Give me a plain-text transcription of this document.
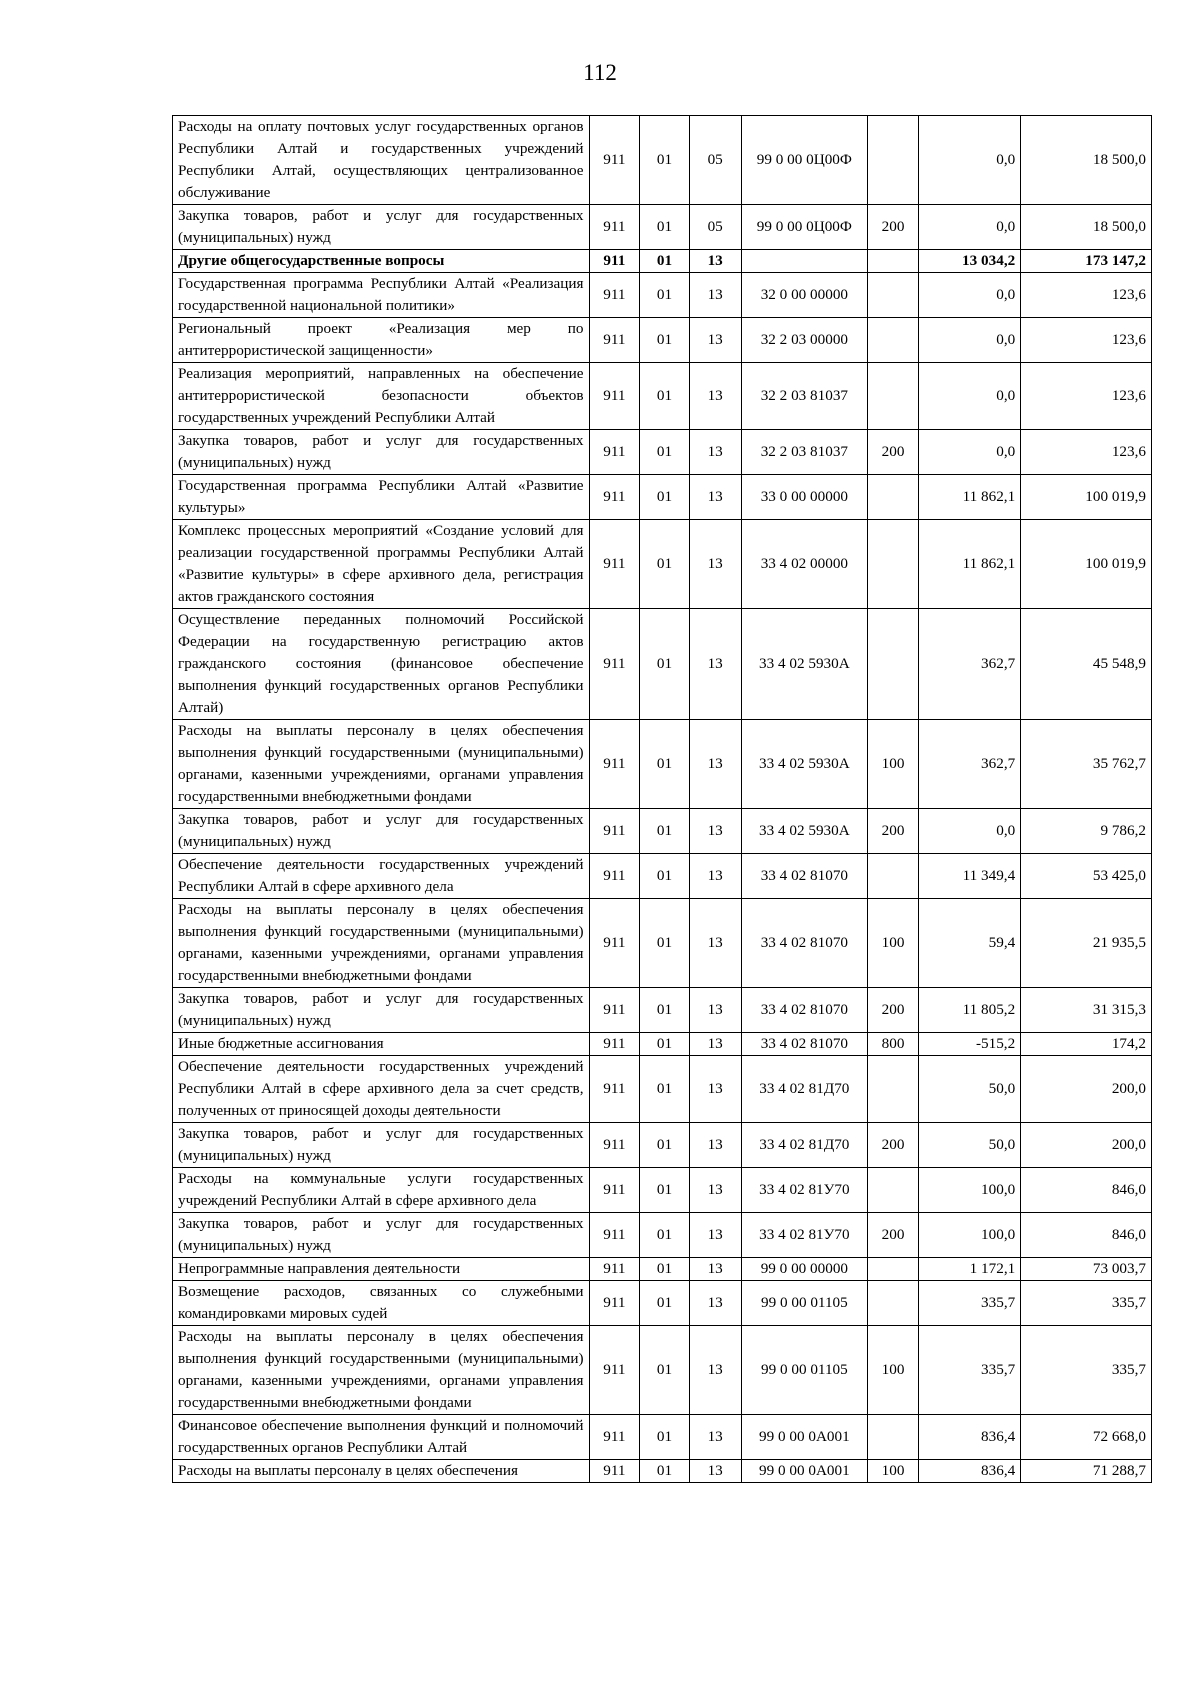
112
Расходы на оплату почтовых услуг государственных органов Республики Алтай и государственных учреждений Республики Алтай, осуществляющих централизованное обслуживание	911	01	05	99 0 00 0Ц00Ф		0,0	18 500,0
Закупка товаров, работ и услуг для государственных (муниципальных) нужд	911	01	05	99 0 00 0Ц00Ф	200	0,0	18 500,0
Другие общегосударственные вопросы	911	01	13			13 034,2	173 147,2
Государственная программа Республики Алтай «Реализация государственной национальной политики»	911	01	13	32 0 00 00000		0,0	123,6
Региональный проект «Реализация мер по антитеррористической защищенности»	911	01	13	32 2 03 00000		0,0	123,6
Реализация мероприятий, направленных на обеспечение антитеррористической безопасности объектов государственных учреждений Республики Алтай	911	01	13	32 2 03 81037		0,0	123,6
Закупка товаров, работ и услуг для государственных (муниципальных) нужд	911	01	13	32 2 03 81037	200	0,0	123,6
Государственная программа Республики Алтай «Развитие культуры»	911	01	13	33 0 00 00000		11 862,1	100 019,9
Комплекс процессных мероприятий «Создание условий для реализации государственной программы Республики Алтай «Развитие культуры» в сфере архивного дела, регистрация актов гражданского состояния	911	01	13	33 4 02 00000		11 862,1	100 019,9
Осуществление переданных полномочий Российской Федерации на государственную регистрацию актов гражданского состояния (финансовое обеспечение выполнения функций государственных органов Республики Алтай)	911	01	13	33 4 02 5930А		362,7	45 548,9
Расходы на выплаты персоналу в целях обеспечения выполнения функций государственными (муниципальными) органами, казенными учреждениями, органами управления государственными внебюджетными фондами	911	01	13	33 4 02 5930А	100	362,7	35 762,7
Закупка товаров, работ и услуг для государственных (муниципальных) нужд	911	01	13	33 4 02 5930А	200	0,0	9 786,2
Обеспечение деятельности государственных учреждений Республики Алтай в сфере архивного дела	911	01	13	33 4 02 81070		11 349,4	53 425,0
Расходы на выплаты персоналу в целях обеспечения выполнения функций государственными (муниципальными) органами, казенными учреждениями, органами управления государственными внебюджетными фондами	911	01	13	33 4 02 81070	100	59,4	21 935,5
Закупка товаров, работ и услуг для государственных (муниципальных) нужд	911	01	13	33 4 02 81070	200	11 805,2	31 315,3
Иные бюджетные ассигнования	911	01	13	33 4 02 81070	800	-515,2	174,2
Обеспечение деятельности государственных учреждений Республики Алтай в сфере архивного дела за счет средств, полученных от приносящей доходы деятельности	911	01	13	33 4 02 81Д70		50,0	200,0
Закупка товаров, работ и услуг для государственных (муниципальных) нужд	911	01	13	33 4 02 81Д70	200	50,0	200,0
Расходы на коммунальные услуги государственных учреждений Республики Алтай в сфере архивного дела	911	01	13	33 4 02 81У70		100,0	846,0
Закупка товаров, работ и услуг для государственных (муниципальных) нужд	911	01	13	33 4 02 81У70	200	100,0	846,0
Непрограммные направления деятельности	911	01	13	99 0 00 00000		1 172,1	73 003,7
Возмещение расходов, связанных со служебными командировками мировых судей	911	01	13	99 0 00 01105		335,7	335,7
Расходы на выплаты персоналу в целях обеспечения выполнения функций государственными (муниципальными) органами, казенными учреждениями, органами управления государственными внебюджетными фондами	911	01	13	99 0 00 01105	100	335,7	335,7
Финансовое обеспечение выполнения функций и полномочий государственных органов Республики Алтай	911	01	13	99 0 00 0А001		836,4	72 668,0
Расходы на выплаты персоналу в целях обеспечения	911	01	13	99 0 00 0А001	100	836,4	71 288,7
